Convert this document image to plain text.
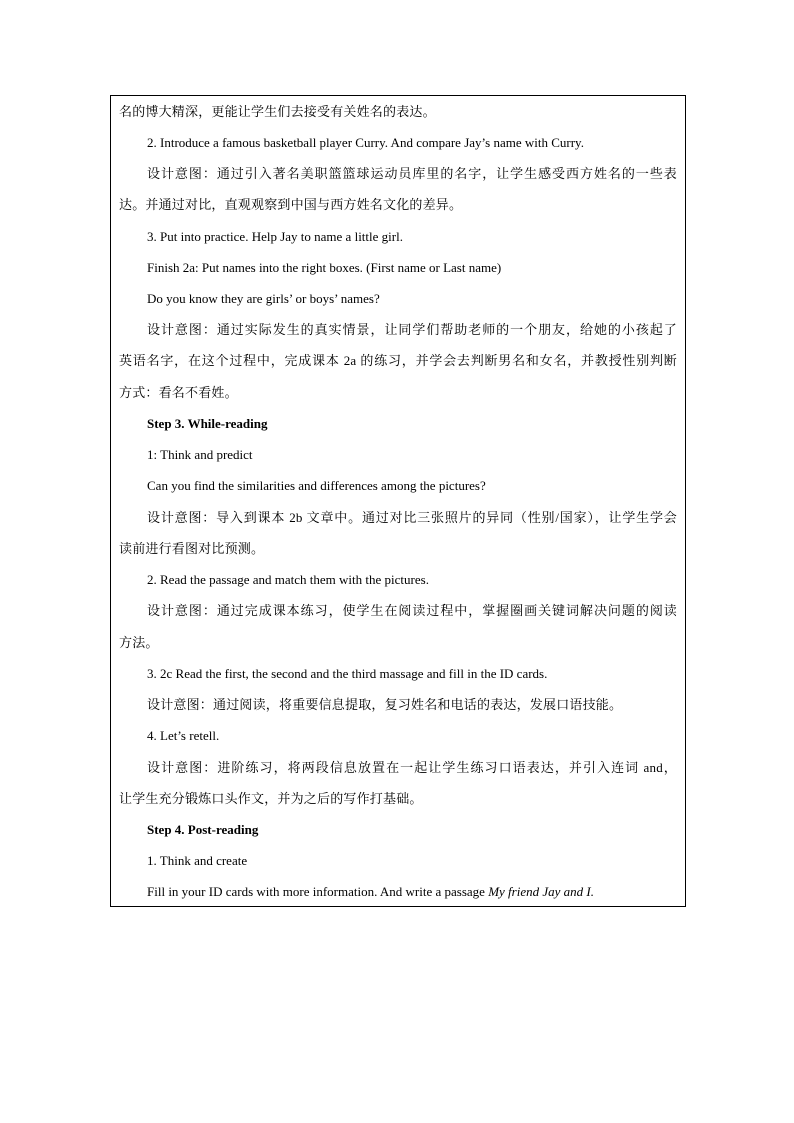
名的博大精深，更能让学生们去接受有关姓名的表达。
2. Introduce a famous basketball player Curry. And compare Jay’s name with Curry.
设计意图：通过引入著名美职篮篮球运动员库里的名字，让学生感受西方姓名的一些表
达。并通过对比，直观观察到中国与西方姓名文化的差异。
3. Put into practice. Help Jay to name a little girl.
Finish 2a: Put names into the right boxes. (First name or Last name)
Do you know they are girls’ or boys’ names?
设计意图：通过实际发生的真实情景，让同学们帮助老师的一个朋友，给她的小孩起了
英语名字，在这个过程中，完成课本 2a 的练习，并学会去判断男名和女名，并教授性别判断
方式：看名不看姓。
Step 3. While-reading
1: Think and predict
Can you find the similarities and differences among the pictures?
设计意图：导入到课本 2b 文章中。通过对比三张照片的异同（性别/国家），让学生学会
读前进行看图对比预测。
2. Read the passage and match them with the pictures.
设计意图：通过完成课本练习，使学生在阅读过程中，掌握圈画关键词解决问题的阅读
方法。
3. 2c Read the first, the second and the third massage and fill in the ID cards.
设计意图：通过阅读，将重要信息提取，复习姓名和电话的表达，发展口语技能。
4. Let’s retell.
设计意图：进阶练习，将两段信息放置在一起让学生练习口语表达，并引入连词 and，
让学生充分锻炼口头作文，并为之后的写作打基础。
Step 4. Post-reading
1. Think and create
Fill in your ID cards with more information. And write a passage My friend Jay and I.
